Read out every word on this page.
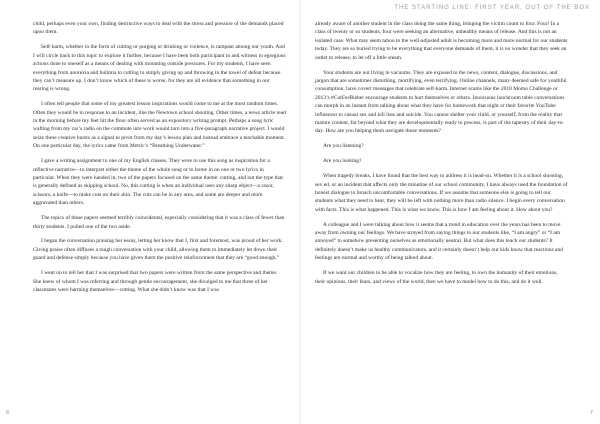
THE STARTING LINE: FIRST YEAR, OUT OF THE BOX

child, perhaps even your own, finding destructive ways to deal with the stress and pressure of the demands placed upon them.

Self-harm, whether in the form of cutting or purging or drinking or violence, is rampant among our youth. And I will circle back to this topic to explore it further, because I have been both participant in and witness to egregious actions done to oneself as a means of dealing with mounting outside pressures. For my students, I have seen everything from anorexia and bulimia to cutting to simply giving up and throwing in the towel of defeat because they can’t measure up. I don’t know which of these is worse, for they are all evidence that something in our rearing is wrong.

I often tell people that some of my greatest lesson inspirations would come to me at the most random times. Often they would be in response to an incident, like the Newtown school shooting. Other times, a news article read in the morning before my feet hit the floor often served as an expository writing prompt. Perhaps a song lyric wafting from my car’s radio on the commute into work would turn into a five-paragraph narrative project. I would seize these creative bursts as a signal to pivot from my day’s lesson plan and instead embrace a teachable moment. On one particular day, the lyrics came from Metric’s “Breathing Underwater.”

I gave a writing assignment to one of my English classes. They were to use this song as inspiration for a reflective narrative—to interpret either the theme of the whole song or to home in on one or two lyrics in particular. When they were handed in, two of the papers focused on the same theme: cutting, and not the type that is generally defined as skipping school. No, this cutting is when an individual uses any sharp object—a razor, scissors, a knife—to make cuts on their skin. The cuts can be in any area, and some are deeper and more aggravated than others.

The topics of these papers seemed terribly coincidental, especially considering that it was a class of fewer than thirty students. I pulled one of the two aside.

I began the conversation praising her essay, letting her know that I, first and foremost, was proud of her work. Giving praise often diffuses a tough conversation with your child, allowing them to immediately let down their guard and defense simply because you have given them the positive reinforcement that they are “good enough.”

I went on to tell her that I was surprised that two papers were written from the same perspective and theme. She knew of whom I was referring and through gentle encouragement, she divulged to me that three of her classmates were harming themselves—cutting. What she didn’t know was that I was

already aware of another student in the class doing the same thing, bringing the victim count to four. Four! In a class of twenty or so students, four were seeking an alternative, unhealthy means of release. And this is not an isolated case. What may seem taboo to the well-adjusted adult is becoming more and more normal for our students today. They are so buried trying to be everything that everyone demands of them, it is no wonder that they seek an outlet to release, to let off a little steam.

Your students are not living in vacuums. They are exposed to the news, content, dialogue, discussions, and jargon that are sometimes disturbing, mortifying, even terrifying. Online channels, many deemed safe for youthful consumption, have covert messages that celebrate self-harm. Internet scams like the 2018 Momo Challenge or 2013’s #CutForBieber encourage students to hurt themselves or others. Innocuous lunchroom table conversations can morph in an instant from talking about what they have for homework that night or their favorite YouTube influencer to casual sex and kill lists and suicide. You cannot shelter your child, or yourself, from the reality that mature content, far beyond what they are developmentally ready to process, is part of the tapestry of their day-to-day. How are you helping them navigate those moments?

Are you listening?

Are you looking?

When tragedy breaks, I have found that the best way to address it is head-on. Whether it is a school shooting, sex ed, or an incident that affects only the minutiae of our school community, I have always used the foundation of honest dialogue to broach uncomfortable conversations. If we assume that someone else is going to tell our students what they need to hear, they will be left with nothing more than radio silence. I begin every conversation with facts. This is what happened. This is what we know. This is how I am feeling about it. How about you?

A colleague and I were talking about how it seems that a trend in education over the years has been to move away from owning our feelings. We have strayed from saying things to our students like, “I am angry” or “I am annoyed” to somehow presenting ourselves as emotionally neutral. But what does this teach our students? It definitely doesn’t make us healthy communicators, and it certainly doesn’t help our kids know that reactions and feelings are normal and worthy of being talked about.

If we want our children to be able to vocalize how they are feeling, to own the humanity of their emotions, their opinions, their fears, and views of the world, then we have to model how to do this, and do it well.

6	7
